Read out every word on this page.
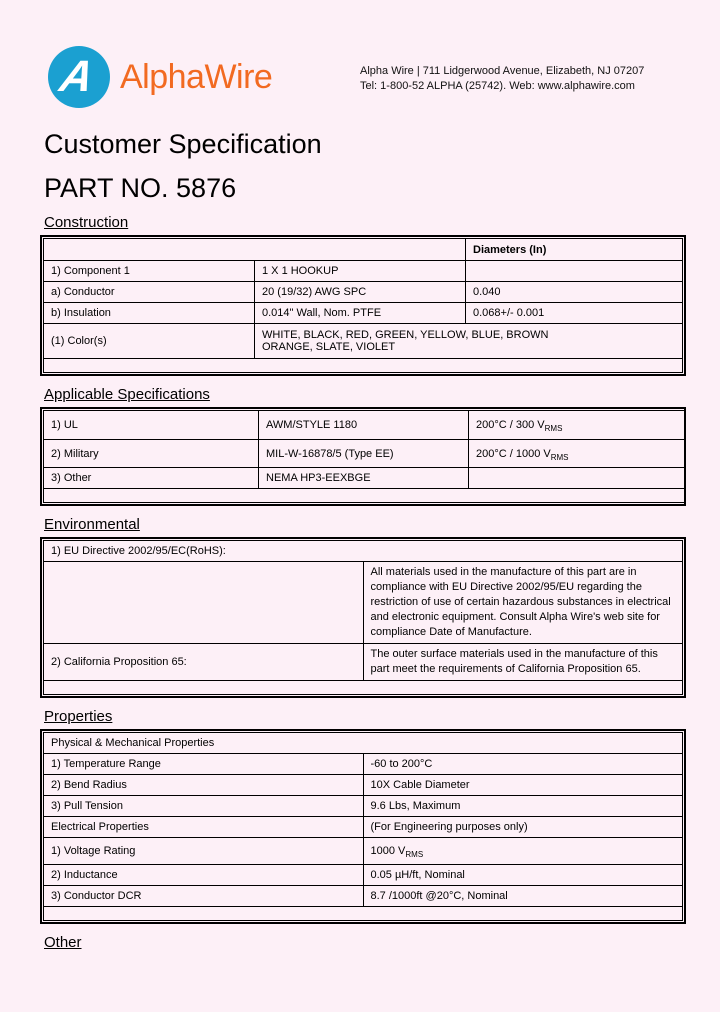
A AlphaWire	Alpha Wire | 711 Lidgerwood Avenue, Elizabeth, NJ 07207
Tel: 1-800-52 ALPHA (25742). Web: www.alphawire.com
Customer Specification
PART NO. 5876
Construction
		Diameters (In)
1) Component 1	1 X 1 HOOKUP	
a) Conductor	20 (19/32) AWG SPC	0.040
b) Insulation	0.014" Wall, Nom. PTFE	0.068+/- 0.001
(1) Color(s)	WHITE, BLACK, RED, GREEN, YELLOW, BLUE, BROWN
ORANGE, SLATE, VIOLET	

Applicable Specifications
1) UL	AWM/STYLE 1180	200°C / 300 $V_{RMS}$
2) Military	MIL-W-16878/5 (Type EE)	200°C / 1000 $V_{RMS}$
3) Other	NEMA HP3-EEXBGE	

Environmental
1) EU Directive 2002/95/EC(RoHS):	
	All materials used in the manufacture of this part are in compliance with EU Directive 2002/95/EU regarding the restriction of use of certain hazardous substances in electrical and electronic equipment. Consult Alpha Wire's web site for compliance Date of Manufacture.
2) California Proposition 65:	The outer surface materials used in the manufacture of this part meet the requirements of California Proposition 65.

Properties
Physical & Mechanical Properties	
1) Temperature Range	-60 to 200°C
2) Bend Radius	10X Cable Diameter
3) Pull Tension	9.6 Lbs, Maximum
Electrical Properties	(For Engineering purposes only)
1) Voltage Rating	1000 $V_{RMS}$
2) Inductance	0.05 µH/ft, Nominal
3) Conductor DCR	8.7 /1000ft @20°C, Nominal

Other
